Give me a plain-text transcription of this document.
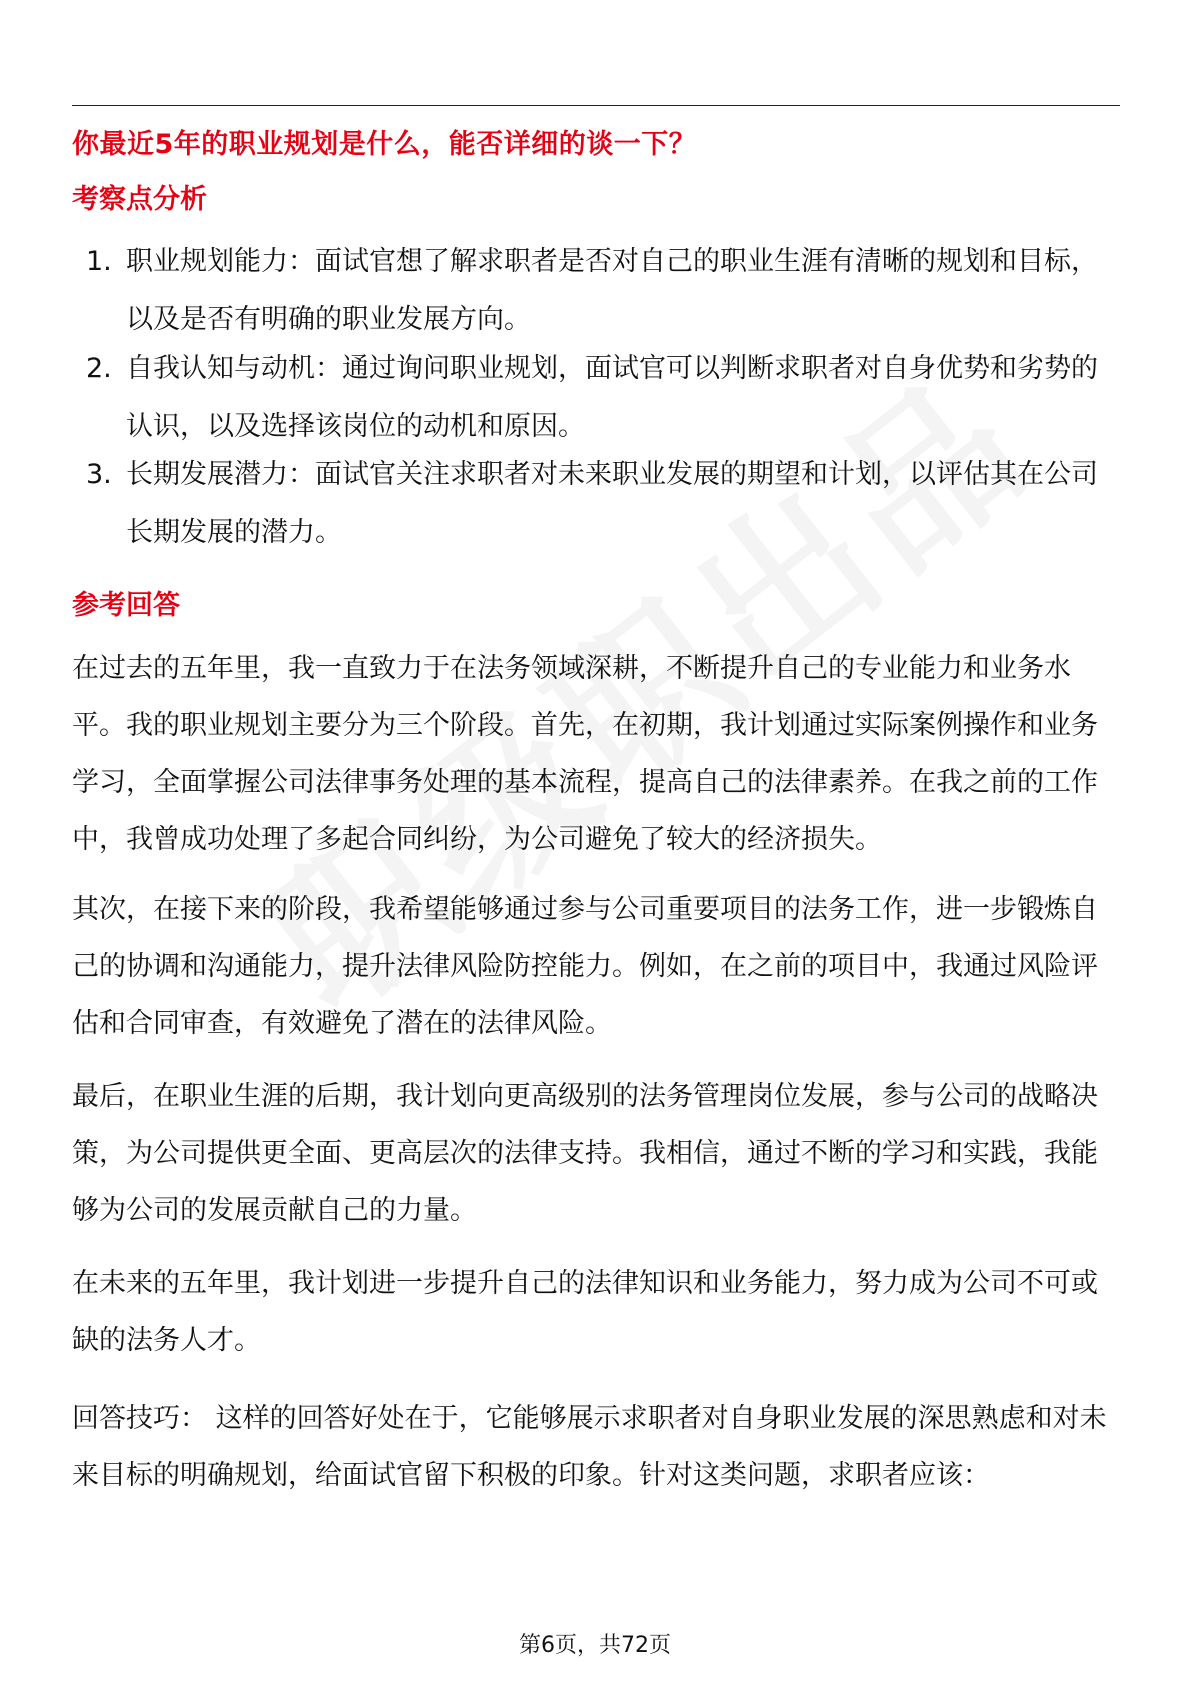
你最近5年的职业规划是什么，能否详细的谈一下？
考察点分析
1. 职业规划能力：面试官想了解求职者是否对自己的职业生涯有清晰的规划和目标，以及是否有明确的职业发展方向。
2. 自我认知与动机：通过询问职业规划，面试官可以判断求职者对自身优势和劣势的认识，以及选择该岗位的动机和原因。
3. 长期发展潜力：面试官关注求职者对未来职业发展的期望和计划，以评估其在公司长期发展的潜力。
参考回答
在过去的五年里，我一直致力于在法务领域深耕，不断提升自己的专业能力和业务水平。我的职业规划主要分为三个阶段。首先，在初期，我计划通过实际案例操作和业务学习，全面掌握公司法律事务处理的基本流程，提高自己的法律素养。在我之前的工作中，我曾成功处理了多起合同纠纷，为公司避免了较大的经济损失。
其次，在接下来的阶段，我希望能够通过参与公司重要项目的法务工作，进一步锻炼自己的协调和沟通能力，提升法律风险防控能力。例如，在之前的项目中，我通过风险评估和合同审查，有效避免了潜在的法律风险。
最后，在职业生涯的后期，我计划向更高级别的法务管理岗位发展，参与公司的战略决策，为公司提供更全面、更高层次的法律支持。我相信，通过不断的学习和实践，我能够为公司的发展贡献自己的力量。
在未来的五年里，我计划进一步提升自己的法律知识和业务能力，努力成为公司不可或缺的法务人才。
回答技巧： 这样的回答好处在于，它能够展示求职者对自身职业发展的深思熟虑和对未来目标的明确规划，给面试官留下积极的印象。针对这类问题，求职者应该：
第6页，共72页
